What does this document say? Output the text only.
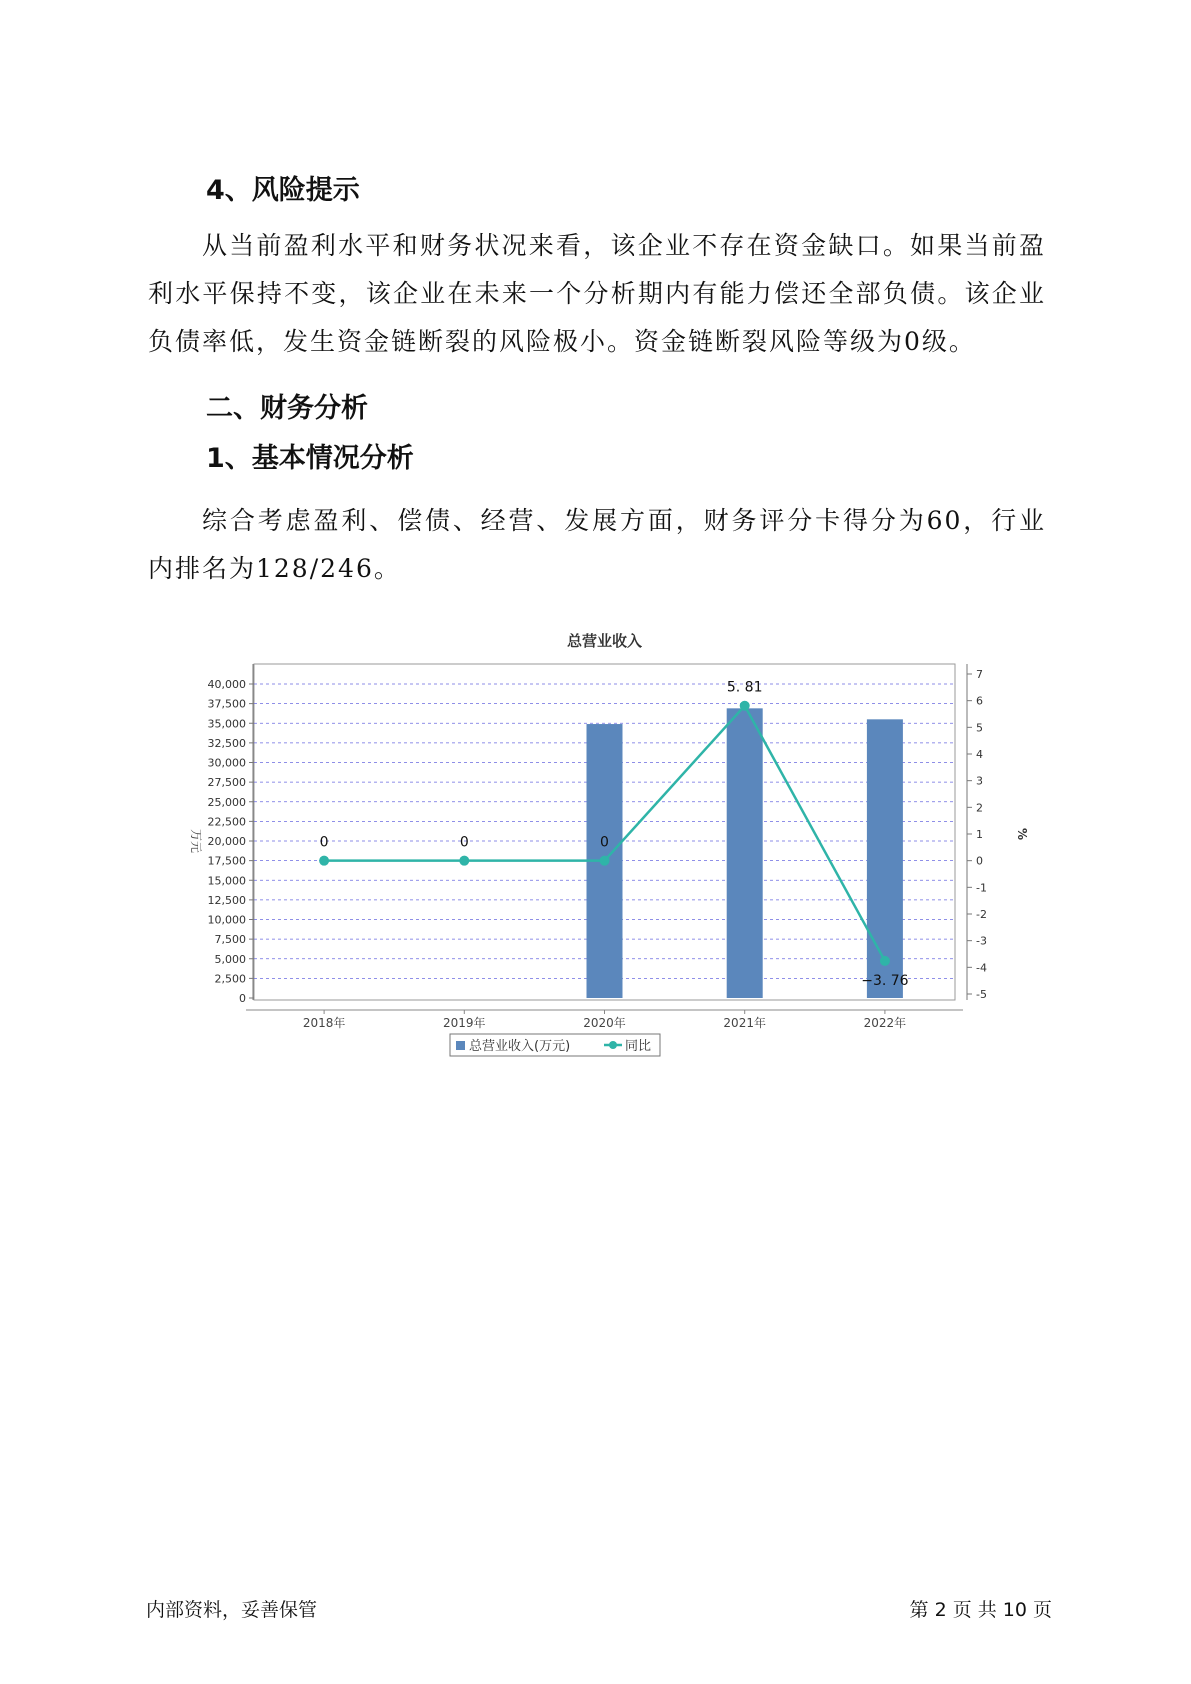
4、风险提示

从当前盈利水平和财务状况来看，该企业不存在资金缺口。如果当前盈利水平保持不变，该企业在未来一个分析期内有能力偿还全部负债。该企业负债率低，发生资金链断裂的风险极小。资金链断裂风险等级为0级。

二、财务分析
1、基本情况分析

综合考虑盈利、偿债、经营、发展方面，财务评分卡得分为60，行业内排名为128/246。

总营业收入
0
2,500
5,000
7,500
10,000
12,500
15,000
17,500
20,000
22,500
25,000
27,500
30,000
32,500
35,000
37,500
40,000
-5
-4
-3
-2
-1
0
1
2
3
4
5
6
7
万元	%
2018年	2019年	2020年	2021年	2022年
0	0	0
5. 81
−3. 76
总营业收入(万元)	同比
内部资料，妥善保管	第 2 页 共 10 页
